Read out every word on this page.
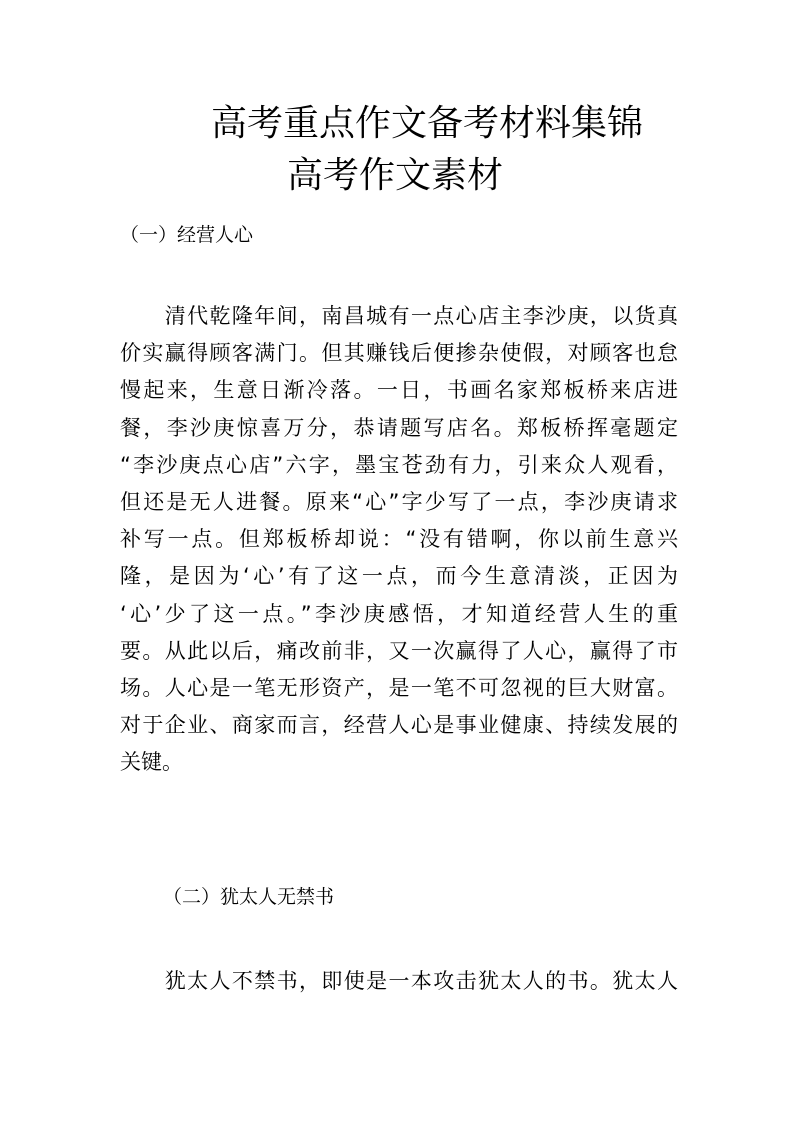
高考重点作文备考材料集锦
高考作文素材
（一）经营人心
　　清代乾隆年间，南昌城有一点心店主李沙庚，以货真
价实赢得顾客满门。但其赚钱后便掺杂使假，对顾客也怠
慢起来，生意日渐冷落。一日，书画名家郑板桥来店进
餐，李沙庚惊喜万分，恭请题写店名。郑板桥挥毫题定
“李沙庚点心店”六字，墨宝苍劲有力，引来众人观看，
但还是无人进餐。原来“心”字少写了一点，李沙庚请求
补写一点。但郑板桥却说：“没有错啊，你以前生意兴
隆，是因为‘心’有了这一点，而今生意清淡，正因为
‘心’少了这一点。”李沙庚感悟，才知道经营人生的重
要。从此以后，痛改前非，又一次赢得了人心，赢得了市
场。人心是一笔无形资产，是一笔不可忽视的巨大财富。
对于企业、商家而言，经营人心是事业健康、持续发展的
关键。
（二）犹太人无禁书
　　犹太人不禁书，即使是一本攻击犹太人的书。犹太人
